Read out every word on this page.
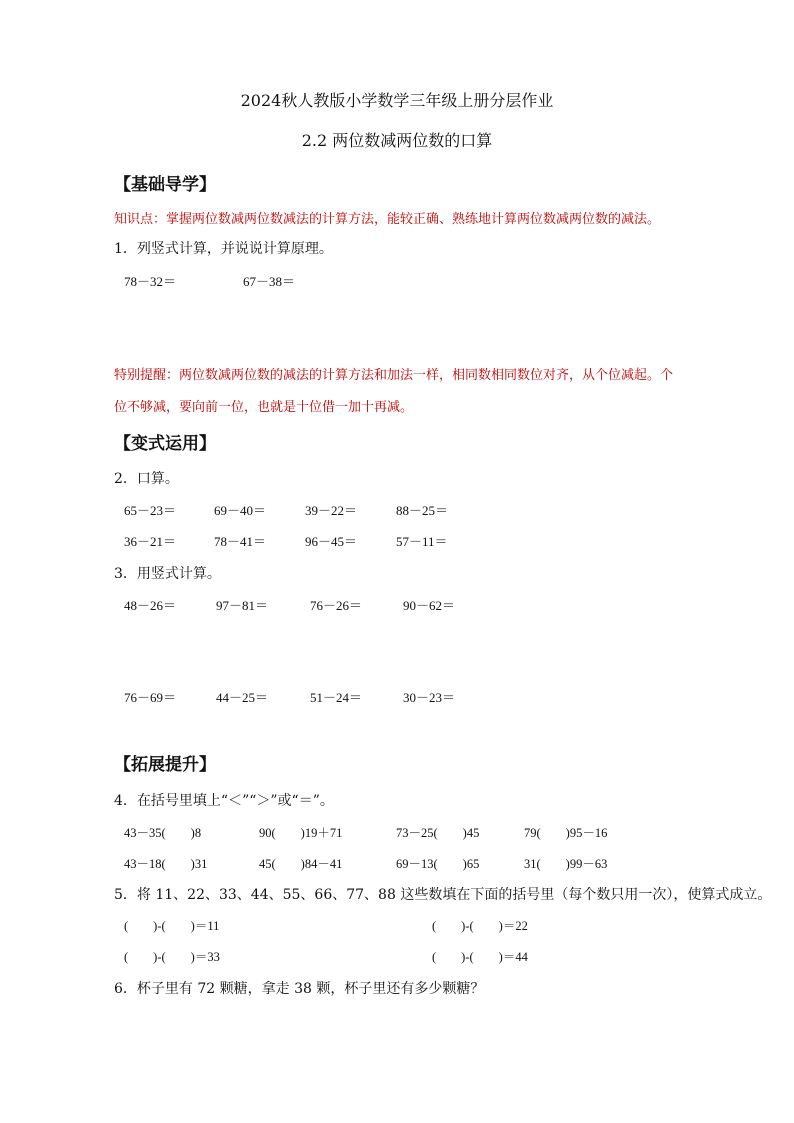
2024秋人教版小学数学三年级上册分层作业
2.2 两位数减两位数的口算
【基础导学】
知识点：掌握两位数减两位数减法的计算方法，能较正确、熟练地计算两位数减两位数的减法。
1．列竖式计算，并说说计算原理。
78－32＝	67－38＝
特别提醒：两位数减两位数的减法的计算方法和加法一样，相同数相同数位对齐，从个位减起。个
位不够减，要向前一位，也就是十位借一加十再减。
【变式运用】
2．口算。
65－23＝	69－40＝	39－22＝	88－25＝
36－21＝	78－41＝	96－45＝	57－11＝
3．用竖式计算。
48－26＝	97－81＝	76－26＝	90－62＝
76－69＝	44－25＝	51－24＝	30－23＝
【拓展提升】
4．在括号里填上“＜”“＞”或“＝”。
43－35(        )8	90(        )19＋71	73－25(        )45	79(        )95－16
43－18(        )31	45(        )84－41	69－13(        )65	31(        )99－63
5．将 11、22、33、44、55、66、77、88 这些数填在下面的括号里（每个数只用一次），使算式成立。
(        )-(        )＝11	(        )-(        )＝22
(        )-(        )＝33	(        )-(        )＝44
6．杯子里有 72 颗糖，拿走 38 颗，杯子里还有多少颗糖？
